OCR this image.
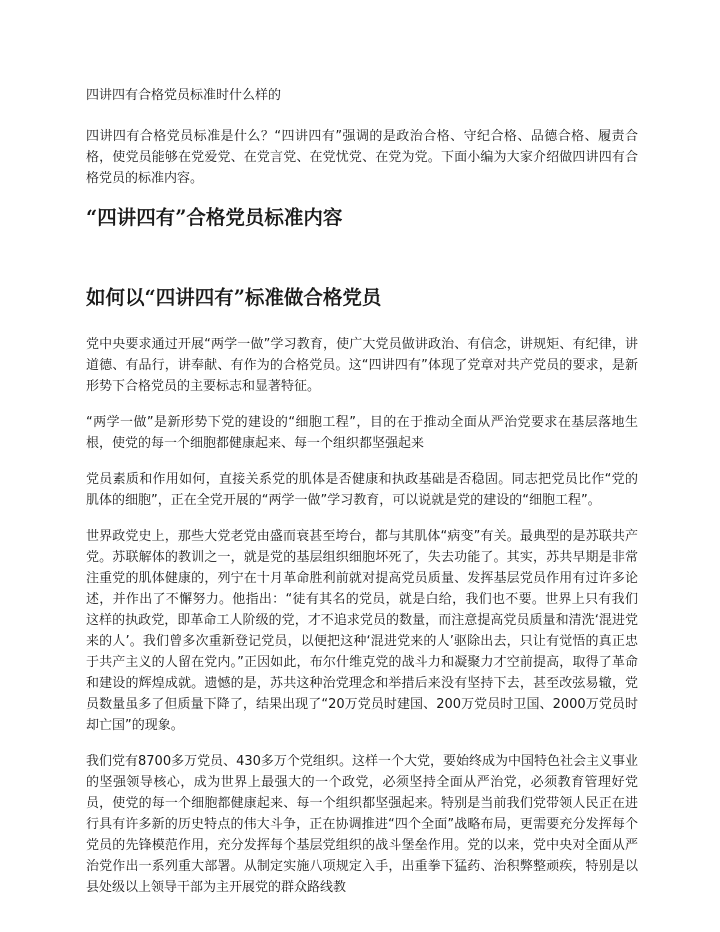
四讲四有合格党员标准时什么样的

四讲四有合格党员标准是什么？“四讲四有”强调的是政治合格、守纪合格、品德合格、履责合格，使党员能够在党爱党、在党言党、在党忧党、在党为党。下面小编为大家介绍做四讲四有合格党员的标准内容。

“四讲四有”合格党员标准内容
如何以“四讲四有”标准做合格党员

党中央要求通过开展“两学一做”学习教育，使广大党员做讲政治、有信念，讲规矩、有纪律，讲道德、有品行，讲奉献、有作为的合格党员。这“四讲四有”体现了党章对共产党员的要求，是新形势下合格党员的主要标志和显著特征。

“两学一做”是新形势下党的建设的“细胞工程”，目的在于推动全面从严治党要求在基层落地生根，使党的每一个细胞都健康起来、每一个组织都坚强起来

党员素质和作用如何，直接关系党的肌体是否健康和执政基础是否稳固。同志把党员比作“党的肌体的细胞”，正在全党开展的“两学一做”学习教育，可以说就是党的建设的“细胞工程”。

世界政党史上，那些大党老党由盛而衰甚至垮台，都与其肌体“病变”有关。最典型的是苏联共产党。苏联解体的教训之一，就是党的基层组织细胞坏死了，失去功能了。其实，苏共早期是非常注重党的肌体健康的，列宁在十月革命胜利前就对提高党员质量、发挥基层党员作用有过许多论述，并作出了不懈努力。他指出：“徒有其名的党员，就是白给，我们也不要。世界上只有我们这样的执政党，即革命工人阶级的党，才不追求党员的数量，而注意提高党员质量和清洗‘混进党来的人’。我们曾多次重新登记党员，以便把这种‘混进党来的人’驱除出去，只让有觉悟的真正忠于共产主义的人留在党内。”正因如此，布尔什维克党的战斗力和凝聚力才空前提高，取得了革命和建设的辉煌成就。遗憾的是，苏共这种治党理念和举措后来没有坚持下去，甚至改弦易辙，党员数量虽多了但质量下降了，结果出现了“20万党员时建国、200万党员时卫国、2000万党员时却亡国”的现象。

我们党有8700多万党员、430多万个党组织。这样一个大党，要始终成为中国特色社会主义事业的坚强领导核心，成为世界上最强大的一个政党，必须坚持全面从严治党，必须教育管理好党员，使党的每一个细胞都健康起来、每一个组织都坚强起来。特别是当前我们党带领人民正在进行具有许多新的历史特点的伟大斗争，正在协调推进“四个全面”战略布局，更需要充分发挥每个党员的先锋模范作用，充分发挥每个基层党组织的战斗堡垒作用。党的以来，党中央对全面从严治党作出一系列重大部署。从制定实施八项规定入手，出重拳下猛药、治积弊整顽疾，特别是以县处级以上领导干部为主开展党的群众路线教
